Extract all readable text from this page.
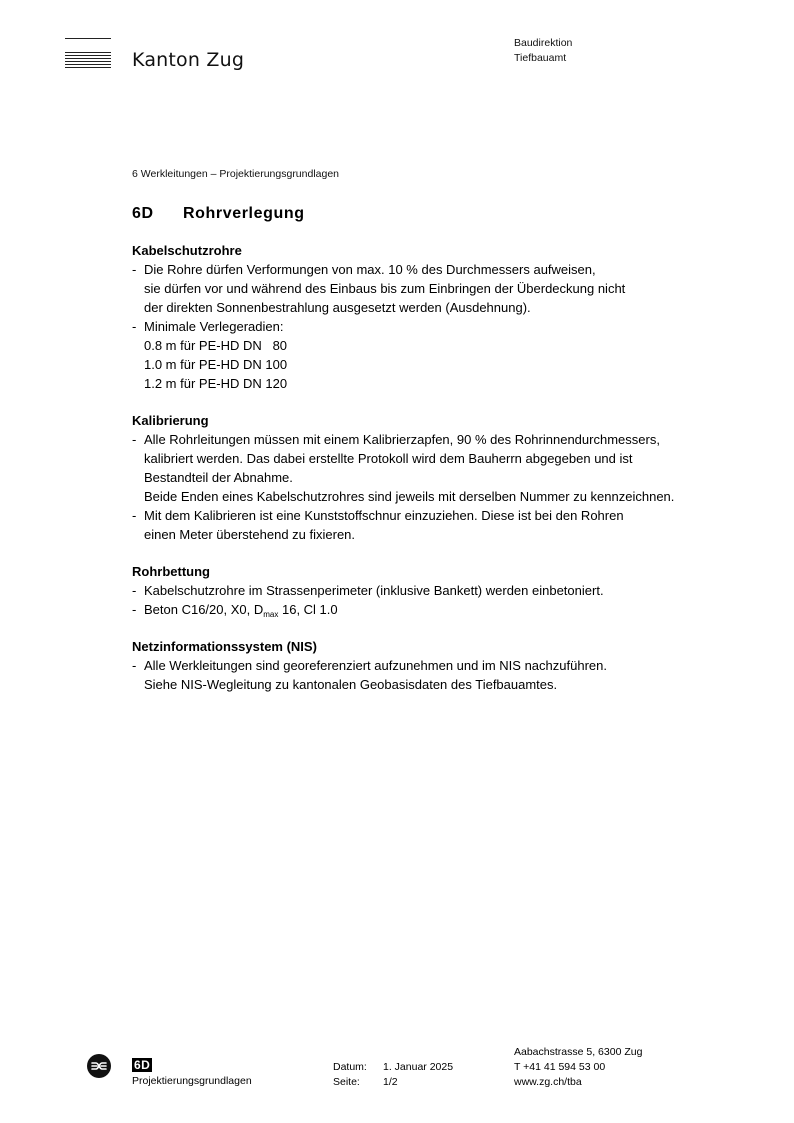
Kanton Zug
Baudirektion
Tiefbauamt
6 Werkleitungen – Projektierungsgrundlagen
6D Rohrverlegung
Kabelschutzrohre
- Die Rohre dürfen Verformungen von max. 10 % des Durchmessers aufweisen,
sie dürfen vor und während des Einbaus bis zum Einbringen der Überdeckung nicht
der direkten Sonnenbestrahlung ausgesetzt werden (Ausdehnung).
- Minimale Verlegeradien:
0.8 m für PE-HD DN   80
1.0 m für PE-HD DN 100
1.2 m für PE-HD DN 120
Kalibrierung
- Alle Rohrleitungen müssen mit einem Kalibrierzapfen, 90 % des Rohrinnendurchmessers,
kalibriert werden. Das dabei erstellte Protokoll wird dem Bauherrn abgegeben und ist
Bestandteil der Abnahme.
Beide Enden eines Kabelschutzrohres sind jeweils mit derselben Nummer zu kennzeichnen.
- Mit dem Kalibrieren ist eine Kunststoffschnur einzuziehen. Diese ist bei den Rohren
einen Meter überstehend zu fixieren.
Rohrbettung
- Kabelschutzrohre im Strassenperimeter (inklusive Bankett) werden einbetoniert.
- Beton C16/20, X0, $D_{max}$ 16, Cl 1.0
Netzinformationssystem (NIS)
- Alle Werkleitungen sind georeferenziert aufzunehmen und im NIS nachzuführen.
Siehe NIS-Wegleitung zu kantonalen Geobasisdaten des Tiefbauamtes.
6D
Projektierungsgrundlagen
Datum: 1. Januar 2025
Seite: 1/2
Aabachstrasse 5, 6300 Zug
T +41 41 594 53 00
www.zg.ch/tba
